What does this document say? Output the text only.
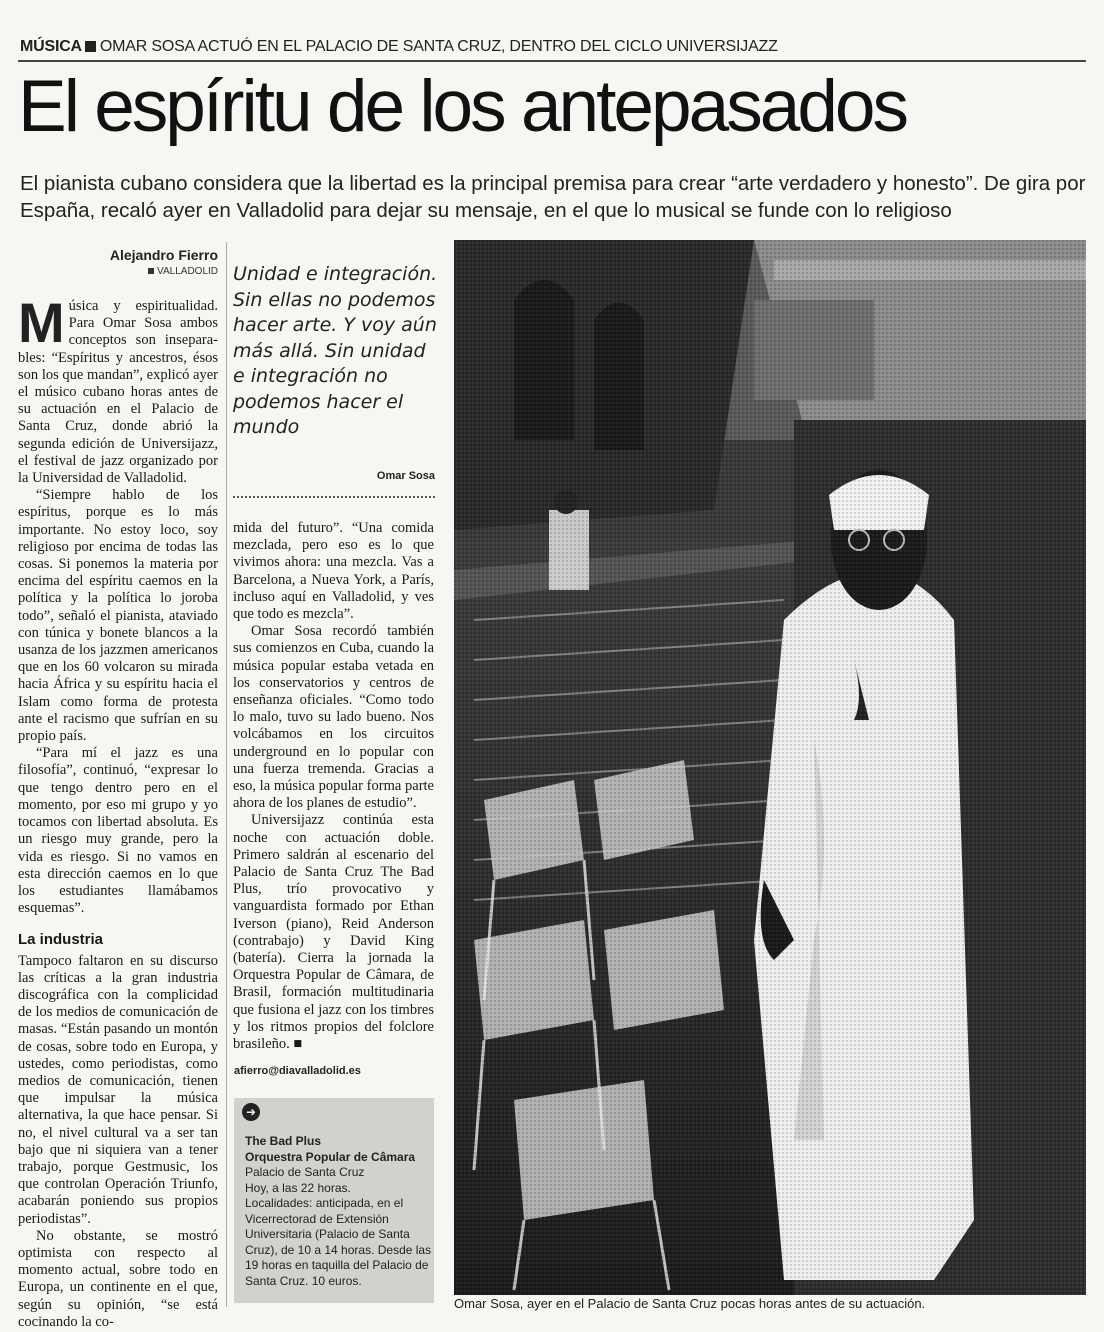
MÚSICA OMAR SOSA ACTUÓ EN EL PALACIO DE SANTA CRUZ, DENTRO DEL CICLO UNIVERSIJAZZ
El espíritu de los antepasados
El pianista cubano considera que la libertad es la principal premisa para crear “arte verdadero y honesto”. De gira por España, recaló ayer en Valladolid para dejar su mensaje, en el que lo musical se funde con lo religioso
Alejandro Fierro
VALLADOLID
M úsica y espiritualidad. Para Omar Sosa ambos conceptos son insepara-bles: “Espíritus y ancestros, ésos son los que mandan”, explicó ayer el músico cubano horas antes de su actuación en el Palacio de Santa Cruz, donde abrió la segunda edición de Universijazz, el festival de jazz organizado por la Universidad de Valladolid.

“Siempre hablo de los espíritus, porque es lo más importante. No estoy loco, soy religioso por encima de todas las cosas. Si ponemos la materia por encima del espíritu caemos en la política y la política lo joroba todo”, señaló el pianista, ataviado con túnica y bonete blancos a la usanza de los jazzmen americanos que en los 60 volcaron su mirada hacia África y su espíritu hacia el Islam como forma de protesta ante el racismo que sufrían en su propio país.

“Para mí el jazz es una filosofía”, continuó, “expresar lo que tengo dentro pero en el momento, por eso mi grupo y yo tocamos con libertad absoluta. Es un riesgo muy grande, pero la vida es riesgo. Si no vamos en esta dirección caemos en lo que los estudiantes llamábamos esquemas”.

La industria

Tampoco faltaron en su discurso las críticas a la gran industria discográfica con la complicidad de los medios de comunicación de masas. “Están pasando un montón de cosas, sobre todo en Europa, y ustedes, como periodistas, como medios de comunicación, tienen que impulsar la música alternativa, la que hace pensar. Si no, el nivel cultural va a ser tan bajo que ni siquiera van a tener trabajo, porque Gestmusic, los que controlan Operación Triunfo, acabarán poniendo sus propios periodistas”.

No obstante, se mostró optimista con respecto al momento actual, sobre todo en Europa, un continente en el que, según su opinión, “se está cocinando la co-

Unidad e integración. Sin ellas no podemos hacer arte. Y voy aún más allá. Sin unidad e integración no podemos hacer el mundo
Omar Sosa

mida del futuro”. “Una comida mezclada, pero eso es lo que vivimos ahora: una mezcla. Vas a Barcelona, a Nueva York, a París, incluso aquí en Valladolid, y ves que todo es mezcla”.

Omar Sosa recordó también sus comienzos en Cuba, cuando la música popular estaba vetada en los conservatorios y centros de enseñanza oficiales. “Como todo lo malo, tuvo su lado bueno. Nos volcábamos en los circuitos underground en lo popular con una fuerza tremenda. Gracias a eso, la música popular forma parte ahora de los planes de estudio”.

Universijazz continúa esta noche con actuación doble. Primero saldrán al escenario del Palacio de Santa Cruz The Bad Plus, trío provocativo y vanguardista formado por Ethan Iverson (piano), Reid Anderson (contrabajo) y David King (batería). Cierra la jornada la Orquestra Popular de Câmara, de Brasil, formación multitudinaria que fusiona el jazz con los timbres y los ritmos propios del folclore brasileño. ■

afierro@diavalladolid.es
➜
The Bad Plus
Orquestra Popular de Câmara
Palacio de Santa Cruz
Hoy, a las 22 horas.
Localidades: anticipada, en el Vicerrectorad de Extensión Universitaria (Palacio de Santa Cruz), de 10 a 14 horas. Desde las 19 horas en taquilla del Palacio de Santa Cruz. 10 euros.
Omar Sosa, ayer en el Palacio de Santa Cruz pocas horas antes de su actuación.
